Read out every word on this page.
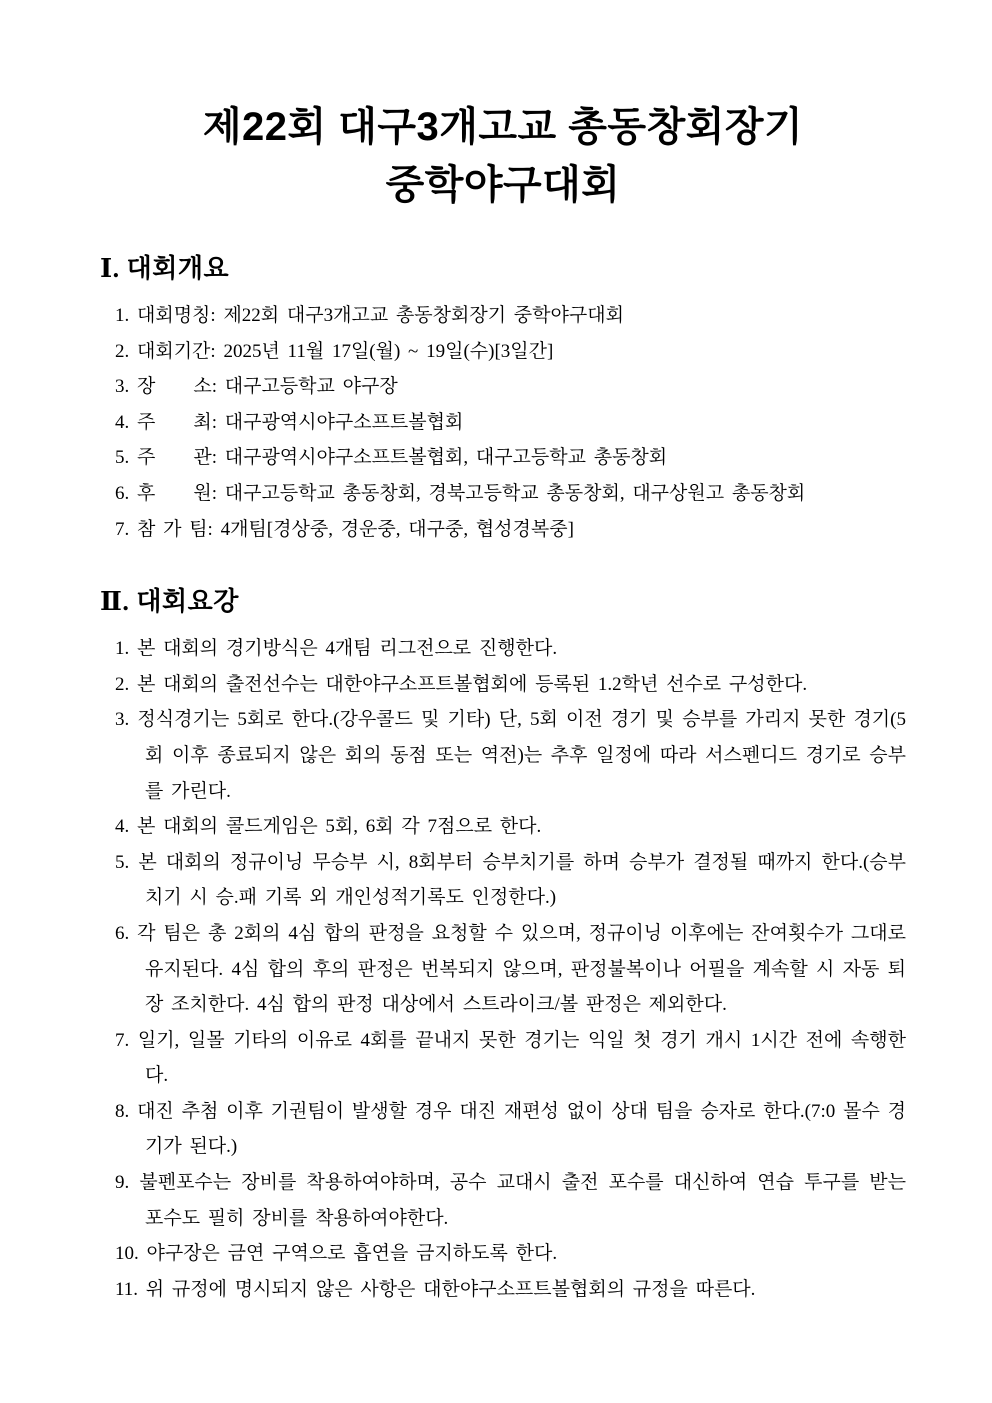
제22회 대구3개고교 총동창회장기
중학야구대회
Ⅰ. 대회개요

1. 대회명칭: 제22회 대구3개고교 총동창회장기 중학야구대회

2. 대회기간: 2025년 11월 17일(월) ~ 19일(수)[3일간]

3. 장　　소: 대구고등학교 야구장

4. 주　　최: 대구광역시야구소프트볼협회

5. 주　　관: 대구광역시야구소프트볼협회, 대구고등학교 총동창회

6. 후　　원: 대구고등학교 총동창회, 경북고등학교 총동창회, 대구상원고 총동창회

7. 참 가 팀: 4개팀[경상중, 경운중, 대구중, 협성경복중]

Ⅱ. 대회요강

1. 본 대회의 경기방식은 4개팀 리그전으로 진행한다.

2. 본 대회의 출전선수는 대한야구소프트볼협회에 등록된 1.2학년 선수로 구성한다.

3. 정식경기는 5회로 한다.(강우콜드 및 기타) 단, 5회 이전 경기 및 승부를 가리지 못한 경기(5회 이후 종료되지 않은 회의 동점 또는 역전)는 추후 일정에 따라 서스펜디드 경기로 승부를 가린다.

4. 본 대회의 콜드게임은 5회, 6회 각 7점으로 한다.

5. 본 대회의 정규이닝 무승부 시, 8회부터 승부치기를 하며 승부가 결정될 때까지 한다.(승부치기 시 승.패 기록 외 개인성적기록도 인정한다.)

6. 각 팀은 총 2회의 4심 합의 판정을 요청할 수 있으며, 정규이닝 이후에는 잔여횟수가 그대로 유지된다. 4심 합의 후의 판정은 번복되지 않으며, 판정불복이나 어필을 계속할 시 자동 퇴장 조치한다. 4심 합의 판정 대상에서 스트라이크/볼 판정은 제외한다.

7. 일기, 일몰 기타의 이유로 4회를 끝내지 못한 경기는 익일 첫 경기 개시 1시간 전에 속행한다.

8. 대진 추첨 이후 기권팀이 발생할 경우 대진 재편성 없이 상대 팀을 승자로 한다.(7:0 몰수 경기가 된다.)

9. 불펜포수는 장비를 착용하여야하며, 공수 교대시 출전 포수를 대신하여 연습 투구를 받는 포수도 필히 장비를 착용하여야한다.

10. 야구장은 금연 구역으로 흡연을 금지하도록 한다.

11. 위 규정에 명시되지 않은 사항은 대한야구소프트볼협회의 규정을 따른다.
